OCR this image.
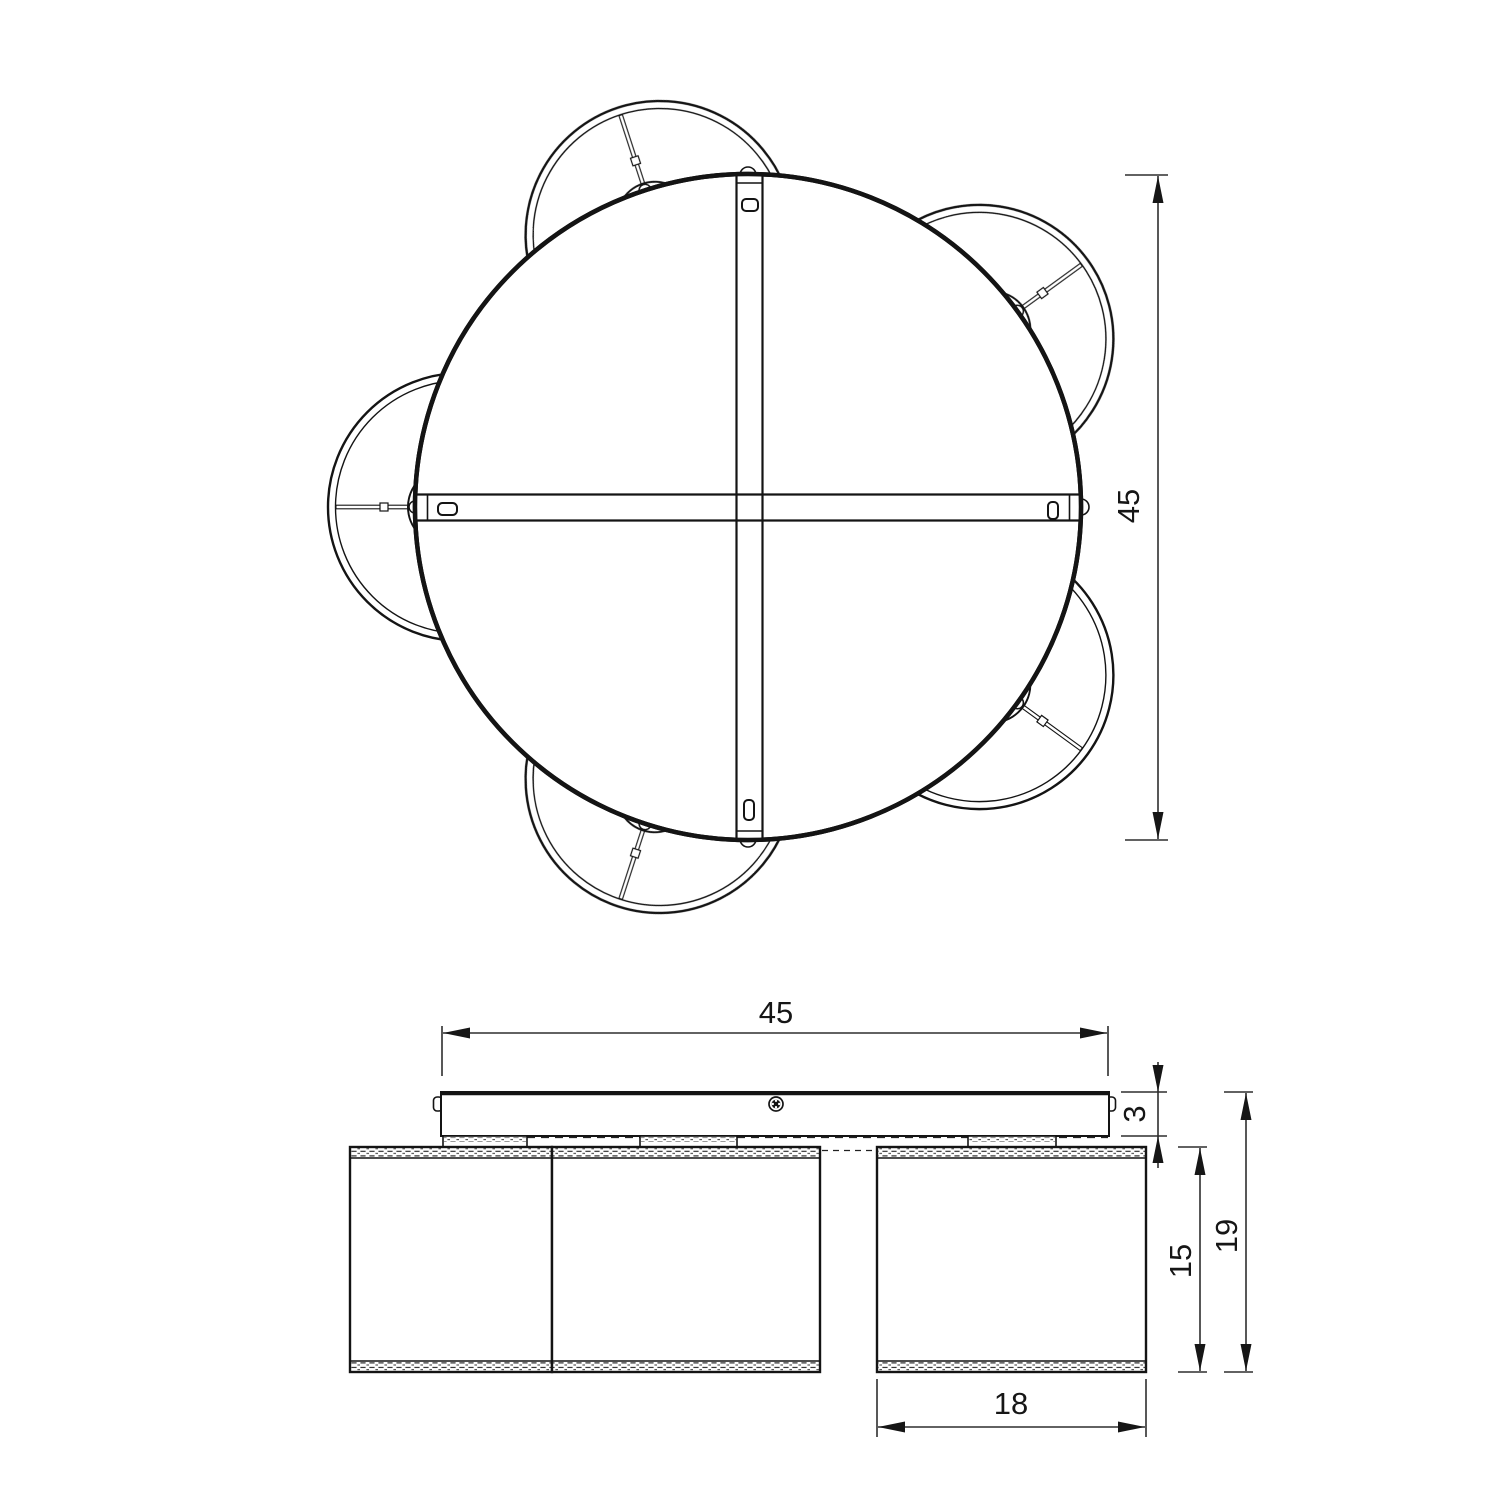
45
45
3
15
19
18
